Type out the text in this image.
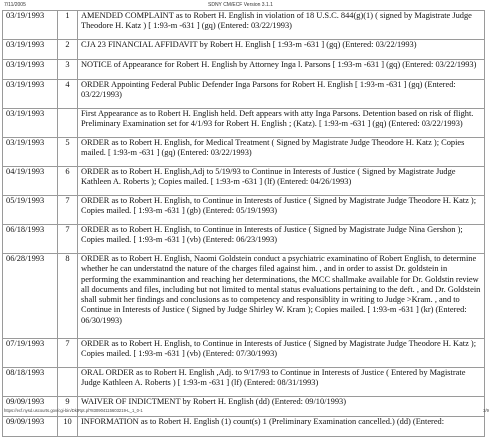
7/11/2005	SDNY CM/ECF Version 3.1.1
03/19/1993	1	AMENDED COMPLAINT as to Robert H. English in violation of 18 U.S.C. 844(g)(1) ( signed by Magistrate Judge Theodore H. Katz ) [ 1:93-m -631 ] (gq) (Entered: 03/22/1993)
03/19/1993	2	CJA 23 FINANCIAL AFFIDAVIT by Robert H. English [ 1:93-m -631 ] (gq) (Entered: 03/22/1993)
03/19/1993	3	NOTICE of Appearance for Robert H. English by Attorney Inga l. Parsons [ 1:93-m -631 ] (gq) (Entered: 03/22/1993)
03/19/1993	4	ORDER Appointing Federal Public Defender Inga Parsons for Robert H. English [ 1:93-m -631 ] (gq) (Entered: 03/22/1993)
03/19/1993		First Appearance as to Robert H. English held. Deft appears with atty Inga Parsons. Detention based on risk of flight. Preliminary Examination set for 4/1/93 for Robert H. English ; (Katz). [ 1:93-m -631 ] (gq) (Entered: 03/22/1993)
03/19/1993	5	ORDER as to Robert H. English, for Medical Treatment ( Signed by Magistrate Judge Theodore H. Katz ); Copies mailed. [ 1:93-m -631 ] (gq) (Entered: 03/22/1993)
04/19/1993	6	ORDER as to Robert H. English,Adj to 5/19/93 to Continue in Interests of Justice ( Signed by Magistrate Judge Kathleen A. Roberts ); Copies mailed. [ 1:93-m -631 ] (lf) (Entered: 04/26/1993)
05/19/1993	7	ORDER as to Robert H. English, to Continue in Interests of Justice ( Signed by Magistrate Judge Theodore H. Katz ); Copies mailed. [ 1:93-m -631 ] (gb) (Entered: 05/19/1993)
06/18/1993	7	ORDER as to Robert H. English, to Continue in Interests of Justice ( Signed by Magistrate Judge Nina Gershon ); Copies mailed. [ 1:93-m -631 ] (vb) (Entered: 06/23/1993)
06/28/1993	8	ORDER as to Robert H. English, Naomi Goldstein conduct a psychiatric examinatino of Robert English, to determine whether he can understatnd the nature of the charges filed against him. , and in order to assist Dr. goldstein in performing the examminantion and reaching her determinations, the MCC shallmake available for Dr. Goldstin review all documents and files, including but not limited to mental status evaluations pertaining to the deft. , and Dr. Goldstein shall submit her findings and conclusions as to competency and responsiblity in writing to Judge >Kram. , and to Continue in Interests of Justice ( Signed by Judge Shirley W. Kram ); Copies mailed. [ 1:93-m -631 ] (kr) (Entered: 06/30/1993)
07/19/1993	7	ORDER as to Robert H. English, to Continue in Interests of Justice ( Signed by Magistrate Judge Theodore H. Katz ); Copies mailed. [ 1:93-m -631 ] (vb) (Entered: 07/30/1993)
08/18/1993		ORAL ORDER as to Robert H. English ,Adj. to 9/17/93 to Continue in Interests of Justice ( Entered by Magistrate Judge Kathleen A. Roberts ) [ 1:93-m -631 ] (lf) (Entered: 08/31/1993)
09/09/1993	9	WAIVER OF INDICTMENT by Robert H. English (dd) (Entered: 09/10/1993)
09/09/1993	10	INFORMATION as to Robert H. English (1) count(s) 1 (Preliminary Examination cancelled.) (dd) (Entered:
https://ecf.nysd.uscourts.gov/cgi-bin/DktRpt.pl?830904115603219-L_1_0-1	3/9
